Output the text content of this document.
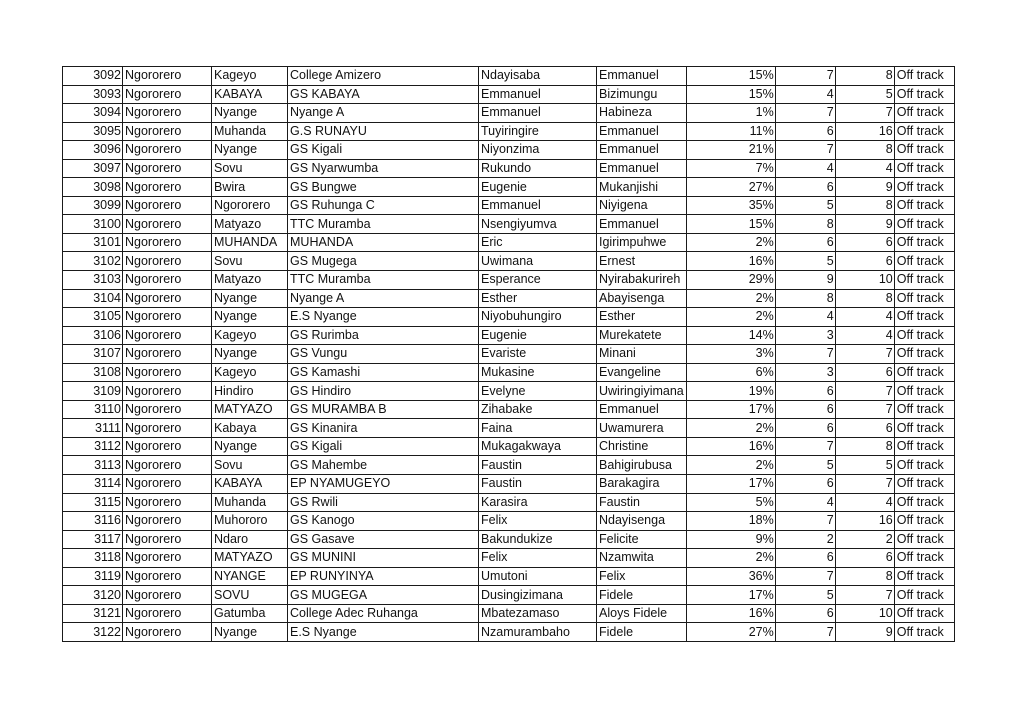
3092	Ngororero	Kageyo	College Amizero	Ndayisaba	Emmanuel	15%	7	8	Off track
3093	Ngororero	KABAYA	GS KABAYA	Emmanuel	Bizimungu	15%	4	5	Off track
3094	Ngororero	Nyange	Nyange A	Emmanuel	Habineza	1%	7	7	Off track
3095	Ngororero	Muhanda	G.S RUNAYU	Tuyiringire	Emmanuel	11%	6	16	Off track
3096	Ngororero	Nyange	GS Kigali	Niyonzima	Emmanuel	21%	7	8	Off track
3097	Ngororero	Sovu	GS Nyarwumba	Rukundo	Emmanuel	7%	4	4	Off track
3098	Ngororero	Bwira	GS Bungwe	Eugenie	Mukanjishi	27%	6	9	Off track
3099	Ngororero	Ngororero	GS Ruhunga C	Emmanuel	Niyigena	35%	5	8	Off track
3100	Ngororero	Matyazo	TTC Muramba	Nsengiyumva	Emmanuel	15%	8	9	Off track
3101	Ngororero	MUHANDA	MUHANDA	Eric	Igirimpuhwe	2%	6	6	Off track
3102	Ngororero	Sovu	GS Mugega	Uwimana	Ernest	16%	5	6	Off track
3103	Ngororero	Matyazo	TTC Muramba	Esperance	Nyirabakurireh	29%	9	10	Off track
3104	Ngororero	Nyange	Nyange A	Esther	Abayisenga	2%	8	8	Off track
3105	Ngororero	Nyange	E.S Nyange	Niyobuhungiro	Esther	2%	4	4	Off track
3106	Ngororero	Kageyo	GS Rurimba	Eugenie	Murekatete	14%	3	4	Off track
3107	Ngororero	Nyange	GS Vungu	Evariste	Minani	3%	7	7	Off track
3108	Ngororero	Kageyo	GS Kamashi	Mukasine	Evangeline	6%	3	6	Off track
3109	Ngororero	Hindiro	GS Hindiro	Evelyne	Uwiringiyimana	19%	6	7	Off track
3110	Ngororero	MATYAZO	GS MURAMBA B	Zihabake	Emmanuel	17%	6	7	Off track
3111	Ngororero	Kabaya	GS Kinanira	Faina	Uwamurera	2%	6	6	Off track
3112	Ngororero	Nyange	GS Kigali	Mukagakwaya	Christine	16%	7	8	Off track
3113	Ngororero	Sovu	GS Mahembe	Faustin	Bahigirubusa	2%	5	5	Off track
3114	Ngororero	KABAYA	EP NYAMUGEYO	Faustin	Barakagira	17%	6	7	Off track
3115	Ngororero	Muhanda	GS Rwili	Karasira	Faustin	5%	4	4	Off track
3116	Ngororero	Muhororo	GS Kanogo	Felix	Ndayisenga	18%	7	16	Off track
3117	Ngororero	Ndaro	GS Gasave	Bakundukize	Felicite	9%	2	2	Off track
3118	Ngororero	MATYAZO	GS MUNINI	Felix	Nzamwita	2%	6	6	Off track
3119	Ngororero	NYANGE	EP RUNYINYA	Umutoni	Felix	36%	7	8	Off track
3120	Ngororero	SOVU	GS MUGEGA	Dusingizimana	Fidele	17%	5	7	Off track
3121	Ngororero	Gatumba	College Adec Ruhanga	Mbatezamaso	Aloys Fidele	16%	6	10	Off track
3122	Ngororero	Nyange	E.S Nyange	Nzamurambaho	Fidele	27%	7	9	Off track
